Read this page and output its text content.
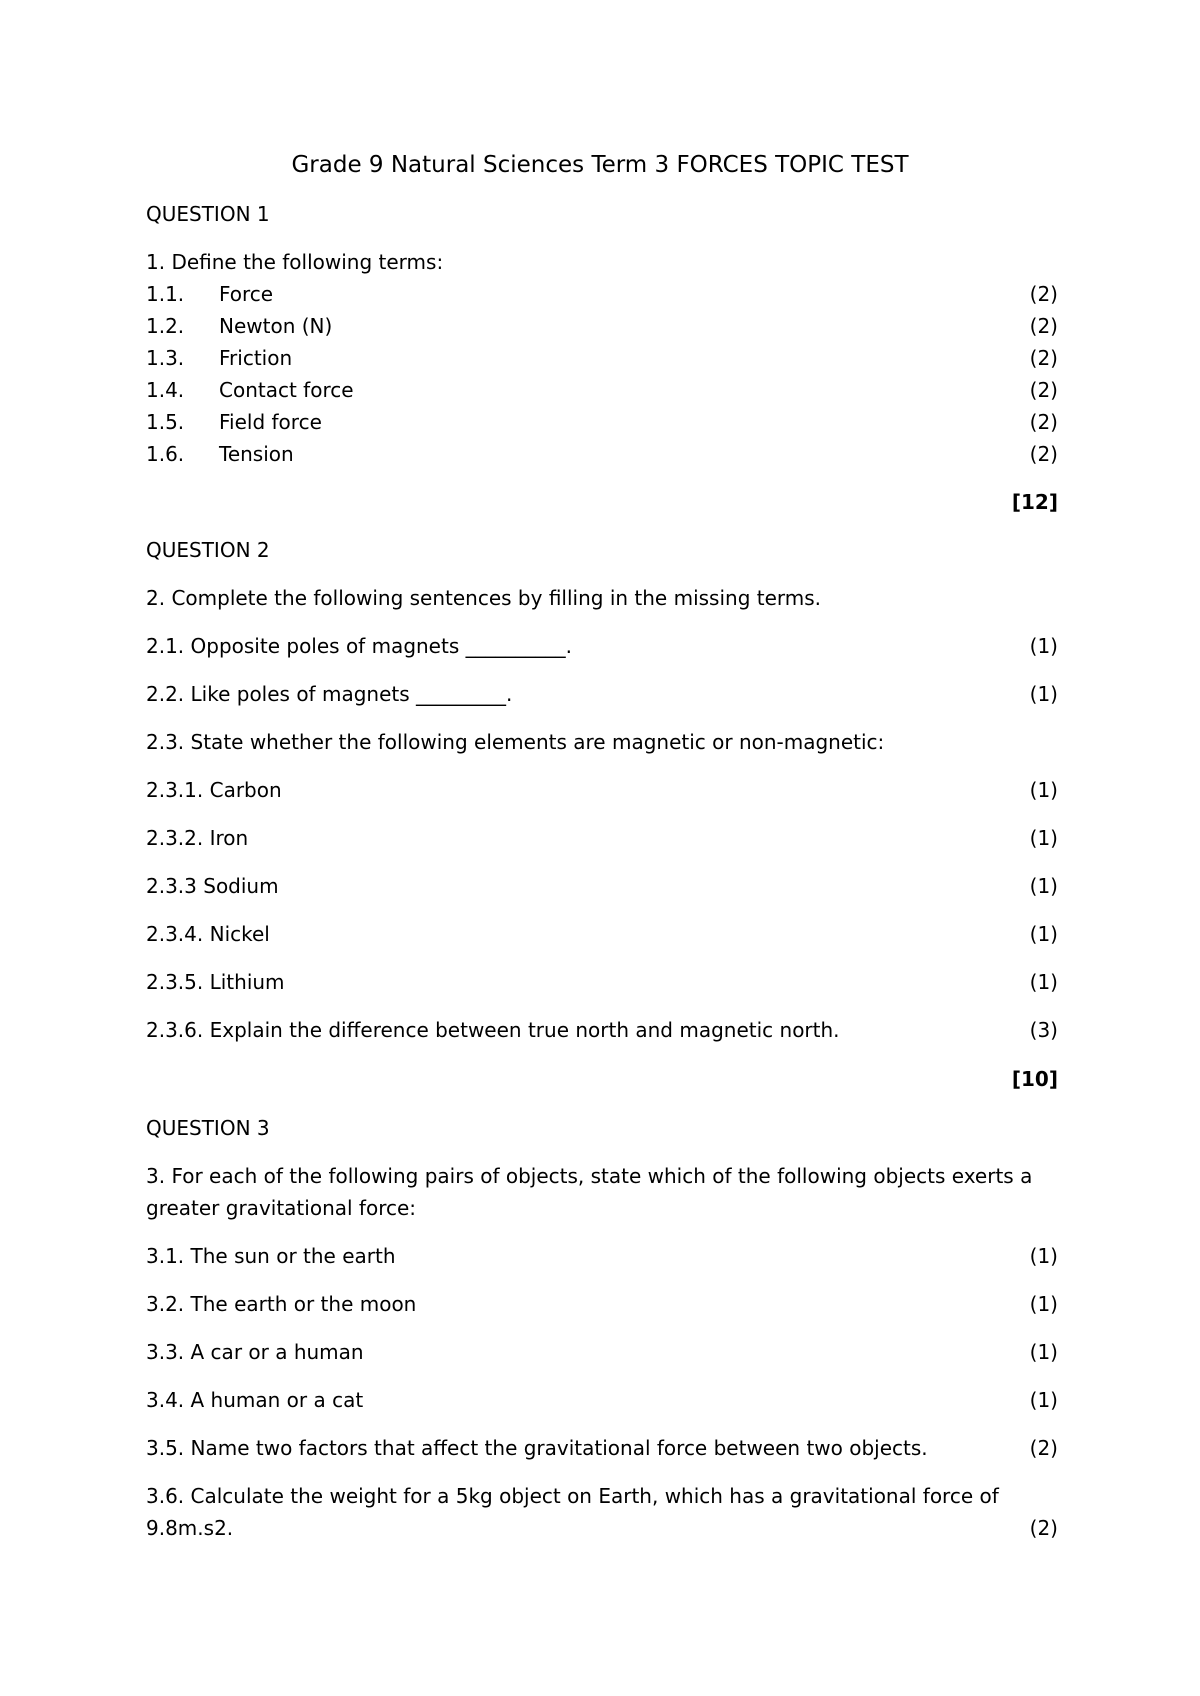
Grade 9 Natural Sciences Term 3 FORCES TOPIC TEST
QUESTION 1
1. Define the following terms:
1.1. Force	(2)
1.2. Newton (N)	(2)
1.3. Friction	(2)
1.4. Contact force	(2)
1.5. Field force	(2)
1.6. Tension	(2)
[12]
QUESTION 2
2. Complete the following sentences by filling in the missing terms.
2.1. Opposite poles of magnets __________.	(1)
2.2. Like poles of magnets _________.	(1)
2.3. State whether the following elements are magnetic or non-magnetic:
2.3.1. Carbon	(1)
2.3.2. Iron	(1)
2.3.3 Sodium	(1)
2.3.4. Nickel	(1)
2.3.5. Lithium	(1)
2.3.6. Explain the difference between true north and magnetic north.	(3)
[10]
QUESTION 3
3. For each of the following pairs of objects, state which of the following objects exerts a
greater gravitational force:
3.1. The sun or the earth	(1)
3.2. The earth or the moon	(1)
3.3. A car or a human	(1)
3.4. A human or a cat	(1)
3.5. Name two factors that affect the gravitational force between two objects.	(2)
3.6. Calculate the weight for a 5kg object on Earth, which has a gravitational force of
9.8m.s2.	(2)
